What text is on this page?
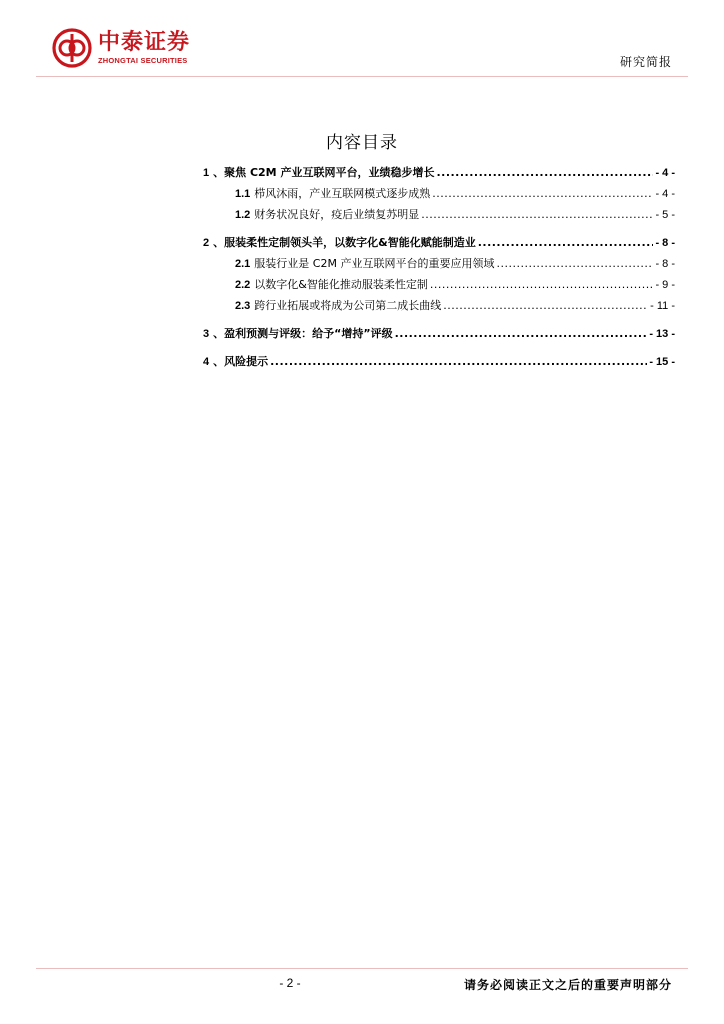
中泰证券
ZHONGTAI SECURITIES	研究简报
内容目录
1 、聚焦 C2M 产业互联网平台，业绩稳步增长 .....	- 4 -
1.1 栉风沐雨，产业互联网模式逐步成熟 .....	- 4 -
1.2 财务状况良好，疫后业绩复苏明显 .....	- 5 -
2 、服装柔性定制领头羊，以数字化&智能化赋能制造业 .....	- 8 -
2.1 服装行业是 C2M 产业互联网平台的重要应用领域 .....	- 8 -
2.2 以数字化&智能化推动服装柔性定制 .....	- 9 -
2.3 跨行业拓展或将成为公司第二成长曲线 .....	- 11 -
3 、盈利预测与评级：给予“增持”评级 .....	- 13 -
4 、风险提示 .....	- 15 -
- 2 -	请务必阅读正文之后的重要声明部分
